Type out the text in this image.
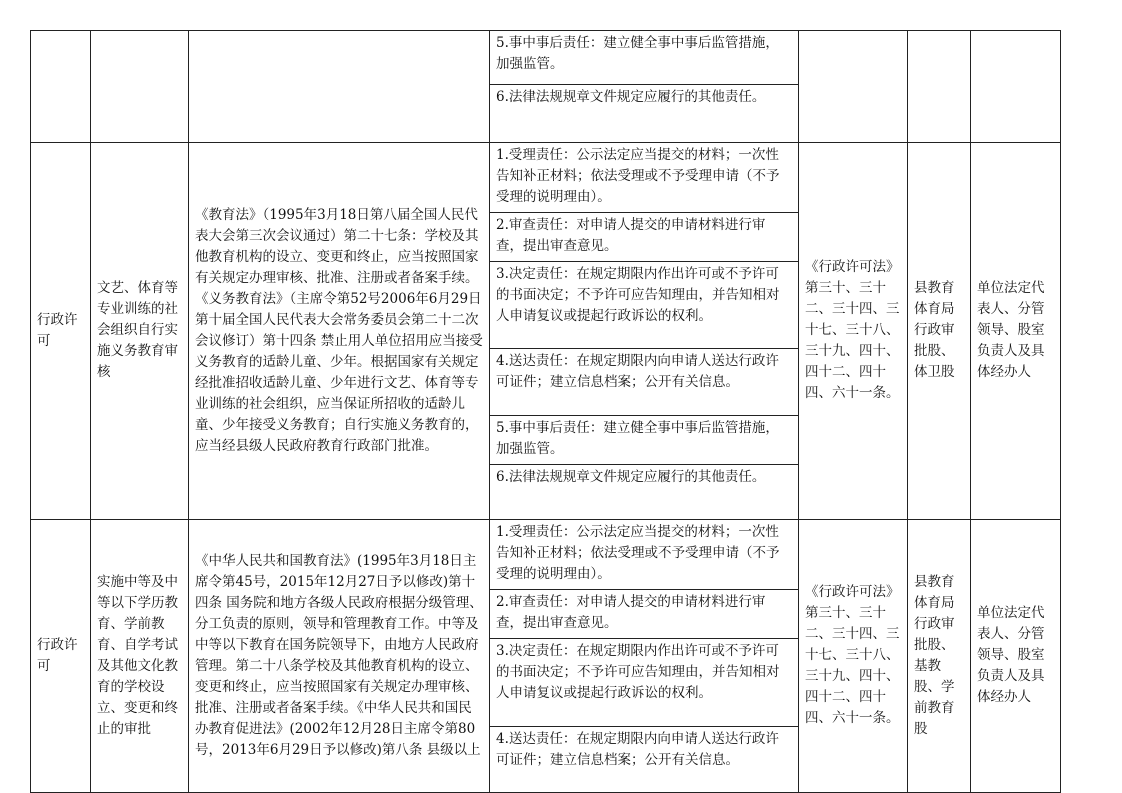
			5.事中事后责任：建立健全事中事后监管措施，加强监管。			
			6.法律法规规章文件规定应履行的其他责任。			
行政许可	文艺、体育等专业训练的社会组织自行实施义务教育审核	《教育法》（1995年3月18日第八届全国人民代表大会第三次会议通过）第二十七条：学校及其他教育机构的设立、变更和终止，应当按照国家有关规定办理审核、批准、注册或者备案手续。《义务教育法》（主席令第52号2006年6月29日第十届全国人民代表大会常务委员会第二十二次会议修订）第十四条 禁止用人单位招用应当接受义务教育的适龄儿童、少年。根据国家有关规定经批准招收适龄儿童、少年进行文艺、体育等专业训练的社会组织，应当保证所招收的适龄儿童、少年接受义务教育；自行实施义务教育的，应当经县级人民政府教育行政部门批准。	1.受理责任：公示法定应当提交的材料；一次性告知补正材料；依法受理或不予受理申请（不予受理的说明理由）。	《行政许可法》第三十、三十二、三十四、三十七、三十八、三十九、四十、四十二、四十四、六十一条。	县教育体育局行政审批股、体卫股	单位法定代表人、分管领导、股室负责人及具体经办人
			2.审查责任：对申请人提交的申请材料进行审查，提出审查意见。			
			3.决定责任：在规定期限内作出许可或不予许可的书面决定；不予许可应告知理由，并告知相对人申请复议或提起行政诉讼的权利。			
			4.送达责任：在规定期限内向申请人送达行政许可证件；建立信息档案；公开有关信息。			
			5.事中事后责任：建立健全事中事后监管措施，加强监管。			
			6.法律法规规章文件规定应履行的其他责任。			
行政许可	实施中等及中等以下学历教育、学前教育、自学考试及其他文化教育的学校设立、变更和终止的审批	《中华人民共和国教育法》(1995年3月18日主席令第45号，2015年12月27日予以修改)第十四条 国务院和地方各级人民政府根据分级管理、分工负责的原则，领导和管理教育工作。中等及中等以下教育在国务院领导下，由地方人民政府管理。第二十八条学校及其他教育机构的设立、变更和终止，应当按照国家有关规定办理审核、批准、注册或者备案手续。《中华人民共和国民办教育促进法》(2002年12月28日主席令第80号，2013年6月29日予以修改)第八条 县级以上	1.受理责任：公示法定应当提交的材料；一次性告知补正材料；依法受理或不予受理申请（不予受理的说明理由）。	《行政许可法》第三十、三十二、三十四、三十七、三十八、三十九、四十、四十二、四十四、六十一条。	县教育体育局行政审批股、基教股、学前教育股	单位法定代表人、分管领导、股室负责人及具体经办人
			2.审查责任：对申请人提交的申请材料进行审查，提出审查意见。			
			3.决定责任：在规定期限内作出许可或不予许可的书面决定；不予许可应告知理由，并告知相对人申请复议或提起行政诉讼的权利。			
			4.送达责任：在规定期限内向申请人送达行政许可证件；建立信息档案；公开有关信息。			
